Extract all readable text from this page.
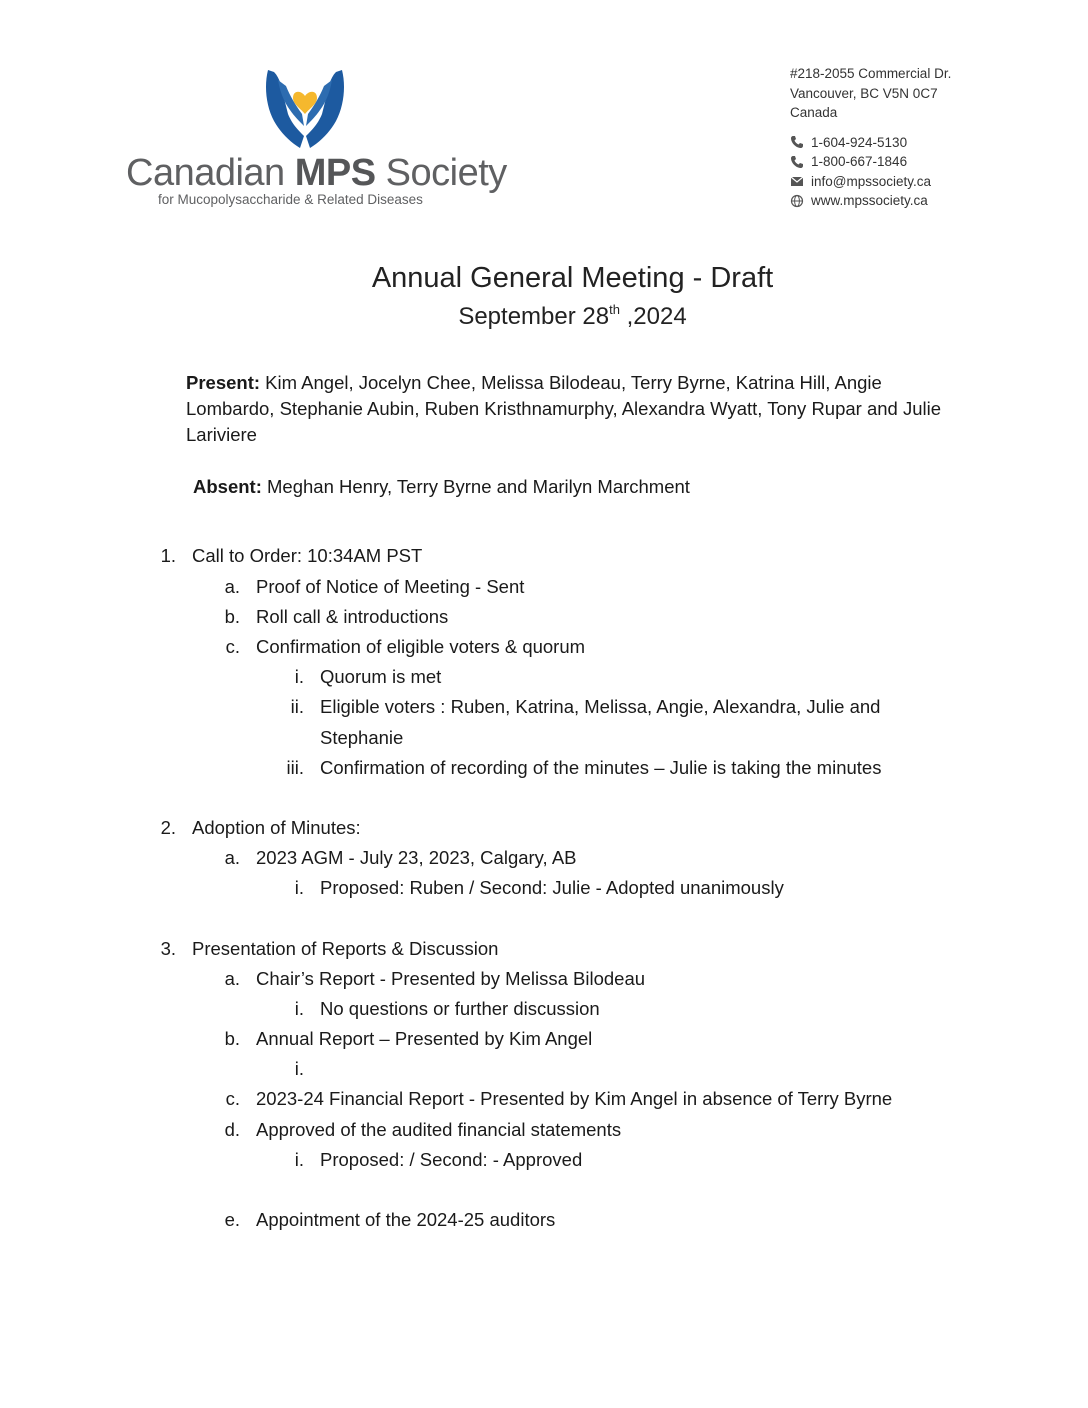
Canadian MPS Society
for Mucopolysaccharide & Related Diseases
#218-2055 Commercial Dr.
Vancouver, BC V5N 0C7
Canada
1-604-924-5130
1-800-667-1846
info@mpssociety.ca
www.mpssociety.ca
Annual General Meeting - Draft
September 28th ,2024
Present: Kim Angel, Jocelyn Chee, Melissa Bilodeau, Terry Byrne, Katrina Hill, Angie Lombardo, Stephanie Aubin, Ruben Kristhnamurphy, Alexandra Wyatt, Tony Rupar and Julie Lariviere
Absent: Meghan Henry, Terry Byrne and Marilyn Marchment
1. Call to Order: 10:34AM PST
a. Proof of Notice of Meeting - Sent
b. Roll call & introductions
c. Confirmation of eligible voters & quorum
i. Quorum is met
ii. Eligible voters : Ruben, Katrina, Melissa, Angie, Alexandra, Julie and
Stephanie
iii. Confirmation of recording of the minutes – Julie is taking the minutes
2. Adoption of Minutes:
a. 2023 AGM - July 23, 2023, Calgary, AB
i. Proposed: Ruben / Second: Julie - Adopted unanimously
3. Presentation of Reports & Discussion
a. Chair’s Report - Presented by Melissa Bilodeau
i. No questions or further discussion
b. Annual Report – Presented by Kim Angel
i.
c. 2023-24 Financial Report - Presented by Kim Angel in absence of Terry Byrne
d. Approved of the audited financial statements
i. Proposed: / Second: - Approved
e. Appointment of the 2024-25 auditors
